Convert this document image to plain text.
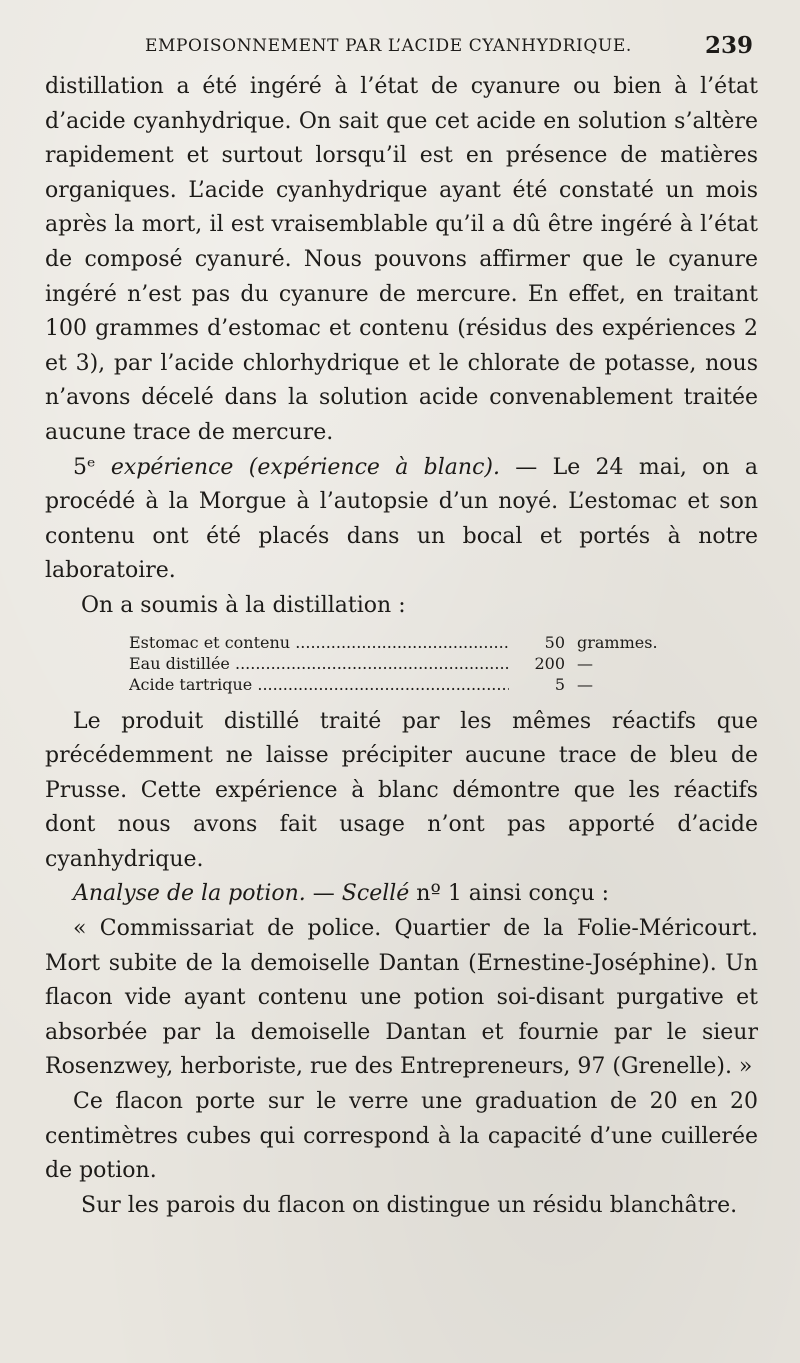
EMPOISONNEMENT PAR L’ACIDE CYANHYDRIQUE.	239

distillation a été ingéré à l’état de cyanure ou bien à l’état d’acide cyanhydrique. On sait que cet acide en solution s’altère rapidement et surtout lorsqu’il est en présence de matières organiques. L’acide cyanhydrique ayant été constaté un mois après la mort, il est vraisemblable qu’il a dû être ingéré à l’état de composé cyanuré. Nous pouvons affirmer que le cyanure ingéré n’est pas du cyanure de mercure. En effet, en traitant 100 grammes d’estomac et contenu (résidus des expériences 2 et 3), par l’acide chlorhydrique et le chlorate de potasse, nous n’avons décelé dans la solution acide convenablement traitée aucune trace de mercure.

5ᵉ expérience (expérience à blanc). — Le 24 mai, on a procédé à la Morgue à l’autopsie d’un noyé. L’estomac et son contenu ont été placés dans un bocal et portés à notre laboratoire.

On a soumis à la distillation :

Estomac et contenu .....	50 grammes.
Eau distillée .....	200 —
Acide tartrique .....	5 —

Le produit distillé traité par les mêmes réactifs que précédemment ne laisse précipiter aucune trace de bleu de Prusse. Cette expérience à blanc démontre que les réactifs dont nous avons fait usage n’ont pas apporté d’acide cyanhydrique.

Analyse de la potion. — Scellé nº 1 ainsi conçu :

« Commissariat de police. Quartier de la Folie-Méricourt. Mort subite de la demoiselle Dantan (Ernestine-Joséphine). Un flacon vide ayant contenu une potion soi-disant purgative et absorbée par la demoiselle Dantan et fournie par le sieur Rosenzwey, herboriste, rue des Entrepreneurs, 97 (Grenelle). »

Ce flacon porte sur le verre une graduation de 20 en 20 centimètres cubes qui correspond à la capacité d’une cuillerée de potion.

Sur les parois du flacon on distingue un résidu blanchâtre.
